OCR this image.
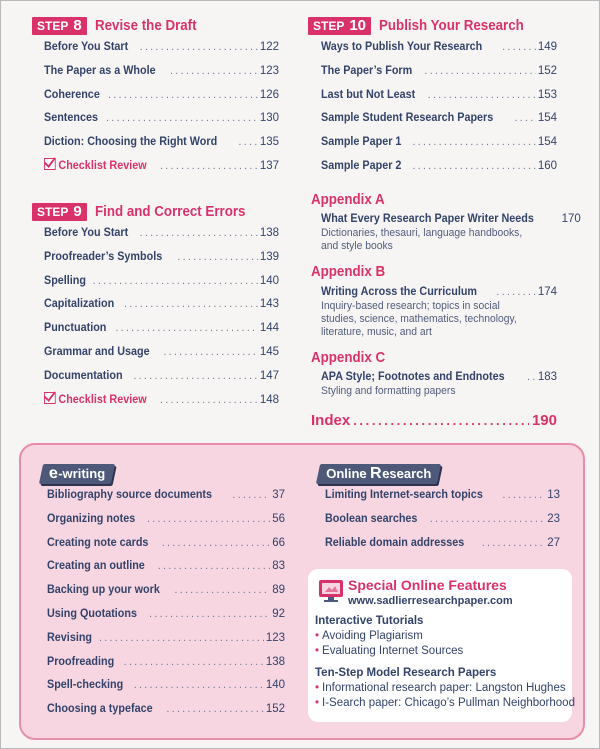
STEP 8 Revise the Draft
Before You Start .....	122
The Paper as a Whole .....	123
Coherence .....	126
Sentences .....	130
Diction: Choosing the Right Word .....	135
Checklist Review .....	137
STEP 9 Find and Correct Errors
Before You Start .....	138
Proofreader’s Symbols .....	139
Spelling .....	140
Capitalization .....	143
Punctuation .....	144
Grammar and Usage .....	145
Documentation .....	147
Checklist Review .....	148
STEP 10 Publish Your Research
Ways to Publish Your Research .....	149
The Paper’s Form .....	152
Last but Not Least .....	153
Sample Student Research Papers .....	154
Sample Paper 1 .....	154
Sample Paper 2 .....	160
Appendix A
What Every Research Paper Writer Needs 170
Dictionaries, thesauri, language handbooks,
and style books
Appendix B
Writing Across the Curriculum .....	174
Inquiry-based research; topics in social
studies, science, mathematics, technology,
literature, music, and art
Appendix C
APA Style; Footnotes and Endnotes .....	183
Styling and formatting papers
Index .....	190
e-writing
Bibliography source documents .....	37
Organizing notes .....	56
Creating note cards .....	66
Creating an outline .....	83
Backing up your work .....	89
Using Quotations .....	92
Revising .....	123
Proofreading .....	138
Spell-checking .....	140
Choosing a typeface .....	152
Online Research
Limiting Internet-search topics .....	13
Boolean searches .....	23
Reliable domain addresses .....	27
Special Online Features
www.sadlierresearchpaper.com
Interactive Tutorials
• Avoiding Plagiarism
• Evaluating Internet Sources
Ten-Step Model Research Papers
• Informational research paper: Langston Hughes
• I-Search paper: Chicago’s Pullman Neighborhood
